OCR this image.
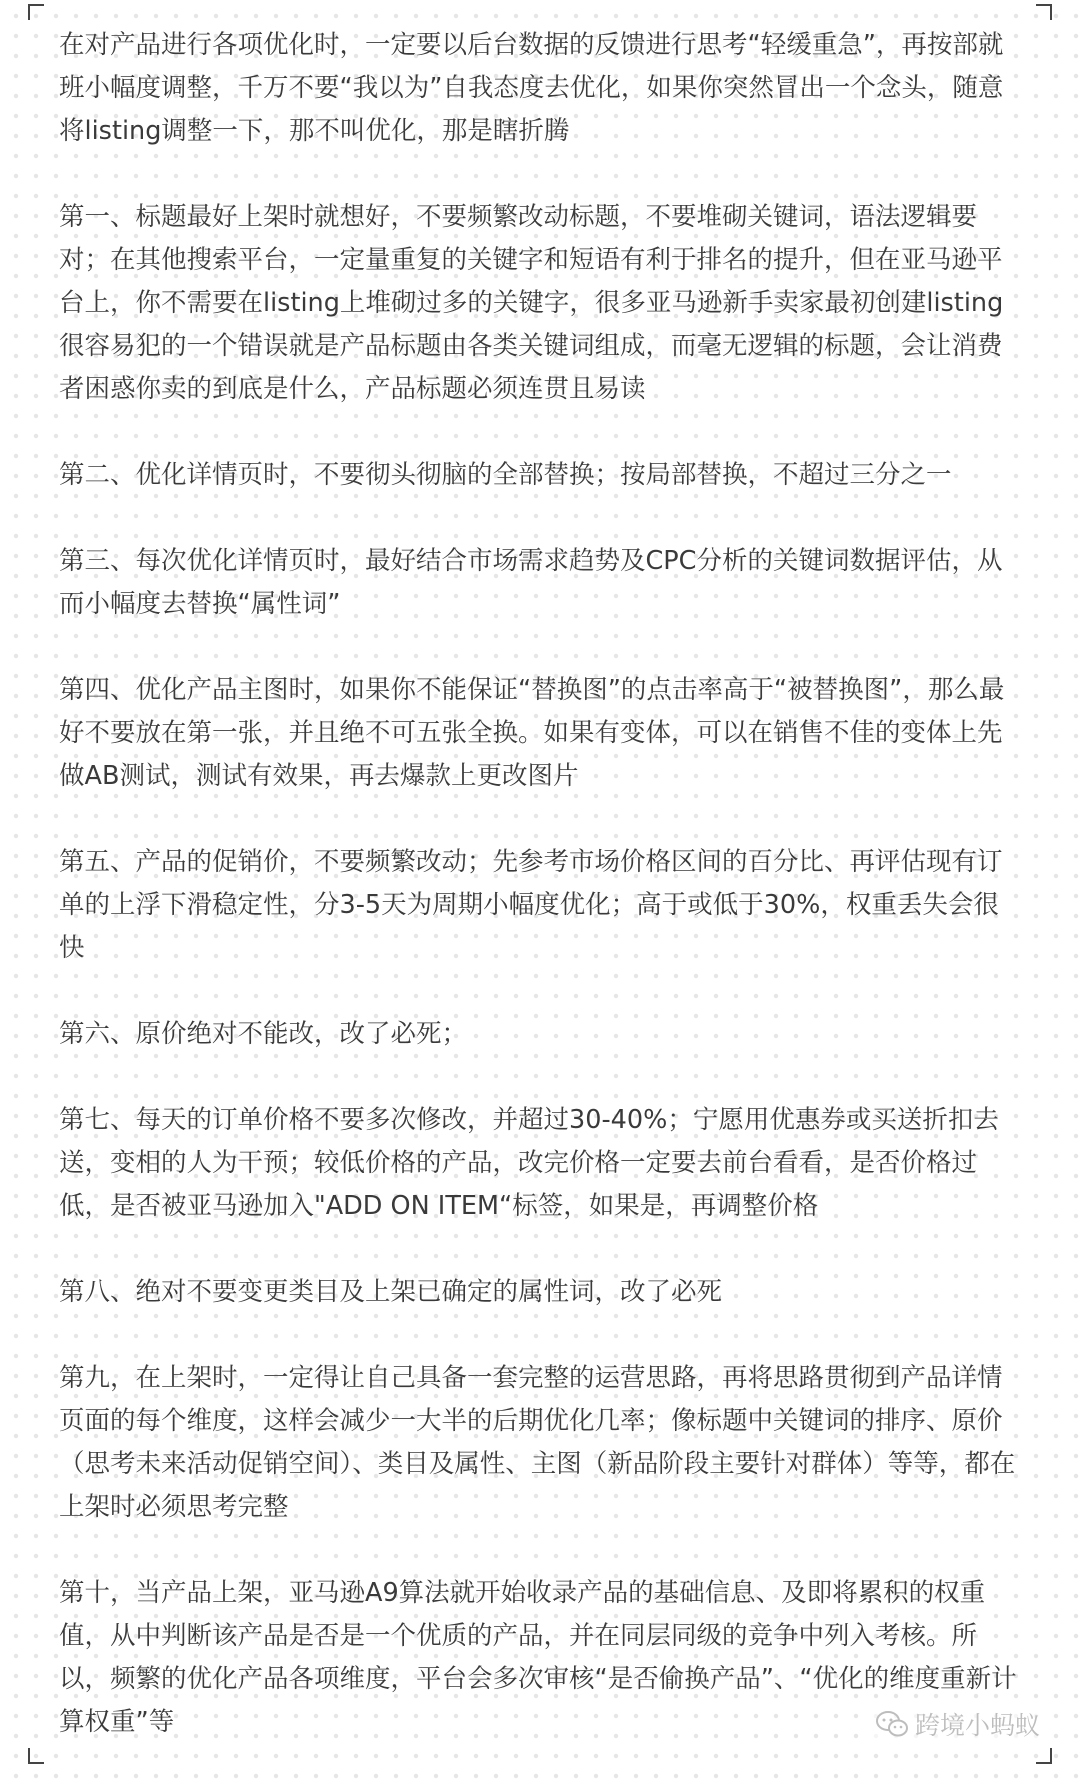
在对产品进行各项优化时，一定要以后台数据的反馈进行思考“轻缓重急”，再按部就班小幅度调整，千万不要“我以为”自我态度去优化，如果你突然冒出一个念头，随意将listing调整一下，那不叫优化，那是瞎折腾

第一、标题最好上架时就想好，不要频繁改动标题，不要堆砌关键词，语法逻辑要对；在其他搜索平台，一定量重复的关键字和短语有利于排名的提升，但在亚马逊平台上，你不需要在listing上堆砌过多的关键字，很多亚马逊新手卖家最初创建listing很容易犯的一个错误就是产品标题由各类关键词组成，而毫无逻辑的标题，会让消费者困惑你卖的到底是什么，产品标题必须连贯且易读

第二、优化详情页时，不要彻头彻脑的全部替换；按局部替换，不超过三分之一

第三、每次优化详情页时，最好结合市场需求趋势及CPC分析的关键词数据评估，从而小幅度去替换“属性词”

第四、优化产品主图时，如果你不能保证“替换图”的点击率高于“被替换图”，那么最好不要放在第一张，并且绝不可五张全换。如果有变体，可以在销售不佳的变体上先做AB测试，测试有效果，再去爆款上更改图片

第五、产品的促销价，不要频繁改动；先参考市场价格区间的百分比、再评估现有订单的上浮下滑稳定性，分3-5天为周期小幅度优化；高于或低于30%，权重丢失会很快

第六、原价绝对不能改，改了必死；

第七、每天的订单价格不要多次修改，并超过30-40%；宁愿用优惠券或买送折扣去送，变相的人为干预；较低价格的产品，改完价格一定要去前台看看，是否价格过低，是否被亚马逊加入"ADD ON ITEM“标签，如果是，再调整价格

第八、绝对不要变更类目及上架已确定的属性词，改了必死

第九，在上架时，一定得让自己具备一套完整的运营思路，再将思路贯彻到产品详情页面的每个维度，这样会减少一大半的后期优化几率；像标题中关键词的排序、原价（思考未来活动促销空间）、类目及属性、主图（新品阶段主要针对群体）等等，都在上架时必须思考完整

第十，当产品上架，亚马逊A9算法就开始收录产品的基础信息、及即将累积的权重值，从中判断该产品是否是一个优质的产品，并在同层同级的竞争中列入考核。所以，频繁的优化产品各项维度，平台会多次审核“是否偷换产品”、“优化的维度重新计算权重”等	跨境小蚂蚁
